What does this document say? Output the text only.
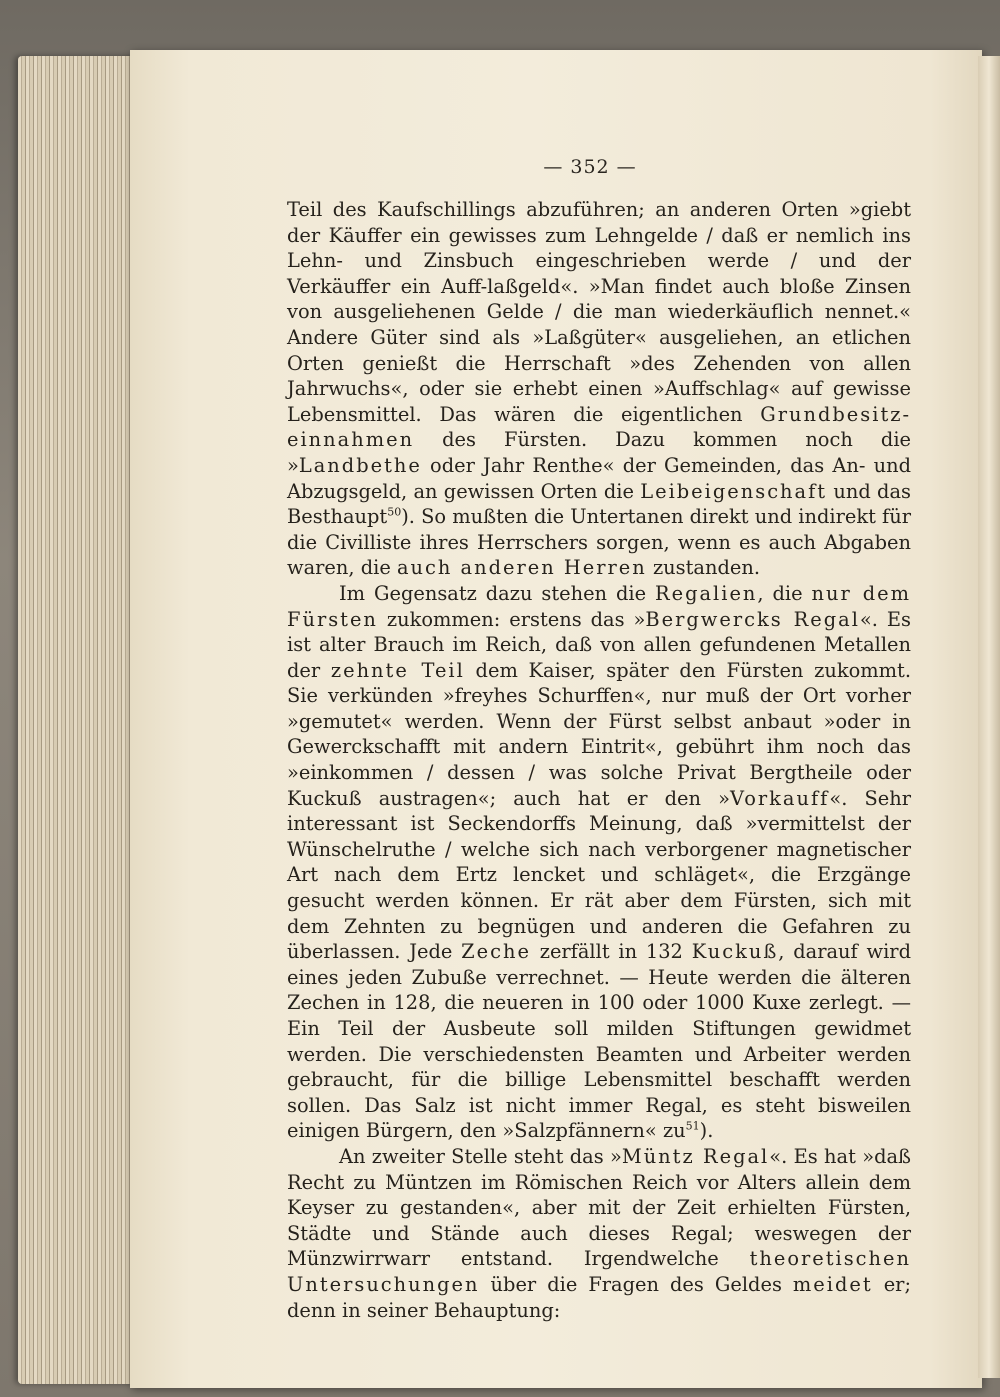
— 352 —

Teil des Kaufschillings abzuführen; an anderen Orten »giebt der Käuffer ein gewisses zum Lehngelde / daß er nemlich ins Lehn- und Zinsbuch eingeschrieben werde / und der Verkäuffer ein Auff-laßgeld«. »Man findet auch bloße Zinsen von ausgeliehenen Gelde / die man wiederkäuflich nennet.« Andere Güter sind als »Laßgüter« ausgeliehen, an etlichen Orten genießt die Herrschaft »des Zehenden von allen Jahrwuchs«, oder sie erhebt einen »Auffschlag« auf gewisse Lebensmittel. Das wären die eigentlichen Grundbesitz-einnahmen des Fürsten. Dazu kommen noch die »Landbethe oder Jahr Renthe« der Gemeinden, das An- und Abzugsgeld, an gewissen Orten die Leibeigenschaft und das Besthaupt$^{50}$). So mußten die Untertanen direkt und indirekt für die Civilliste ihres Herrschers sorgen, wenn es auch Abgaben waren, die auch anderen Herren zustanden.

Im Gegensatz dazu stehen die Regalien, die nur dem Fürsten zukommen: erstens das »Bergwercks Regal«. Es ist alter Brauch im Reich, daß von allen gefundenen Metallen der zehnte Teil dem Kaiser, später den Fürsten zukommt. Sie verkünden »freyhes Schurffen«, nur muß der Ort vorher »gemutet« werden. Wenn der Fürst selbst anbaut »oder in Gewerckschafft mit andern Eintrit«, gebührt ihm noch das »einkommen / dessen / was solche Privat Bergtheile oder Kuckuß austragen«; auch hat er den »Vorkauff«. Sehr interessant ist Seckendorffs Meinung, daß »vermittelst der Wünschelruthe / welche sich nach verborgener magnetischer Art nach dem Ertz lencket und schläget«, die Erzgänge gesucht werden können. Er rät aber dem Fürsten, sich mit dem Zehnten zu begnügen und anderen die Gefahren zu überlassen. Jede Zeche zerfällt in 132 Kuckuß, darauf wird eines jeden Zubuße verrechnet. — Heute werden die älteren Zechen in 128, die neueren in 100 oder 1000 Kuxe zerlegt. — Ein Teil der Ausbeute soll milden Stiftungen gewidmet werden. Die verschiedensten Beamten und Arbeiter werden gebraucht, für die billige Lebensmittel beschafft werden sollen. Das Salz ist nicht immer Regal, es steht bisweilen einigen Bürgern, den »Salzpfännern« $zu^{51}$).

An zweiter Stelle steht das »Müntz Regal«. Es hat »daß Recht zu Müntzen im Römischen Reich vor Alters allein dem Keyser zu gestanden«, aber mit der Zeit erhielten Fürsten, Städte und Stände auch dieses Regal; weswegen der Münzwirrwarr entstand. Irgendwelche theoretischen Untersuchungen über die Fragen des Geldes meidet er; denn in seiner Behauptung:
